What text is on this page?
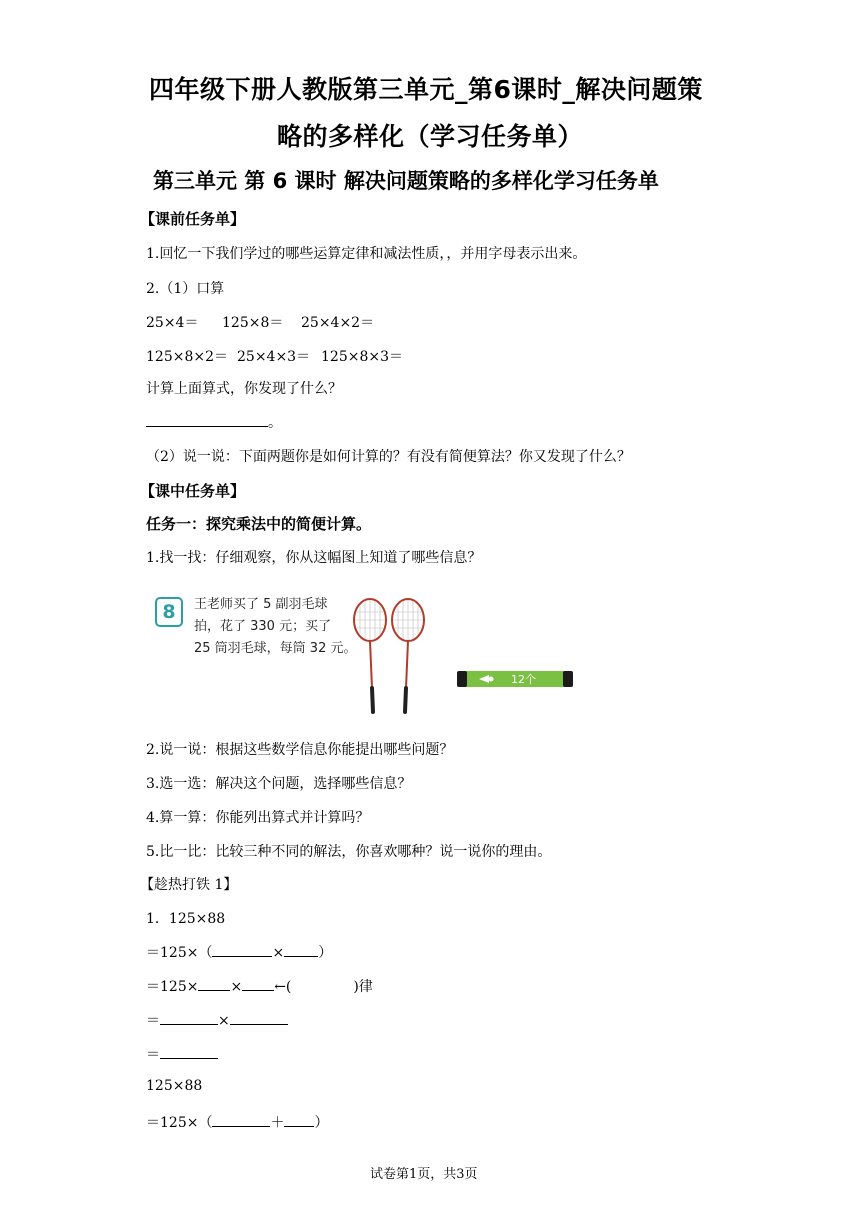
四年级下册人教版第三单元_第6课时_解决问题策
略的多样化（学习任务单）
第三单元 第 6 课时 解决问题策略的多样化学习任务单
【课前任务单】
1.回忆一下我们学过的哪些运算定律和减法性质，，并用字母表示出来。
2.（1）口算
25×4＝ 125×8＝ 25×4×2＝
125×8×2＝ 25×4×3＝ 125×8×3＝
计算上面算式，你发现了什么？
。
（2）说一说：下面两题你是如何计算的？有没有简便算法？你又发现了什么？
【课中任务单】
任务一：探究乘法中的简便计算。
1.找一找：仔细观察，你从这幅图上知道了哪些信息？
8	王老师买了 5 副羽毛球
拍，花了 330 元；买了
25 筒羽毛球，每筒 32 元。
12个
2.说一说：根据这些数学信息你能提出哪些问题？
3.选一选：解决这个问题，选择哪些信息？
4.算一算：你能列出算式并计算吗？
5.比一比：比较三种不同的解法，你喜欢哪种？说一说你的理由。
【趁热打铁 1】
1．125×88
＝125×（	× ）
＝125× × ←(	)律
＝	×
＝
125×88
＝125×（	＋ ）
试卷第1页，共3页
